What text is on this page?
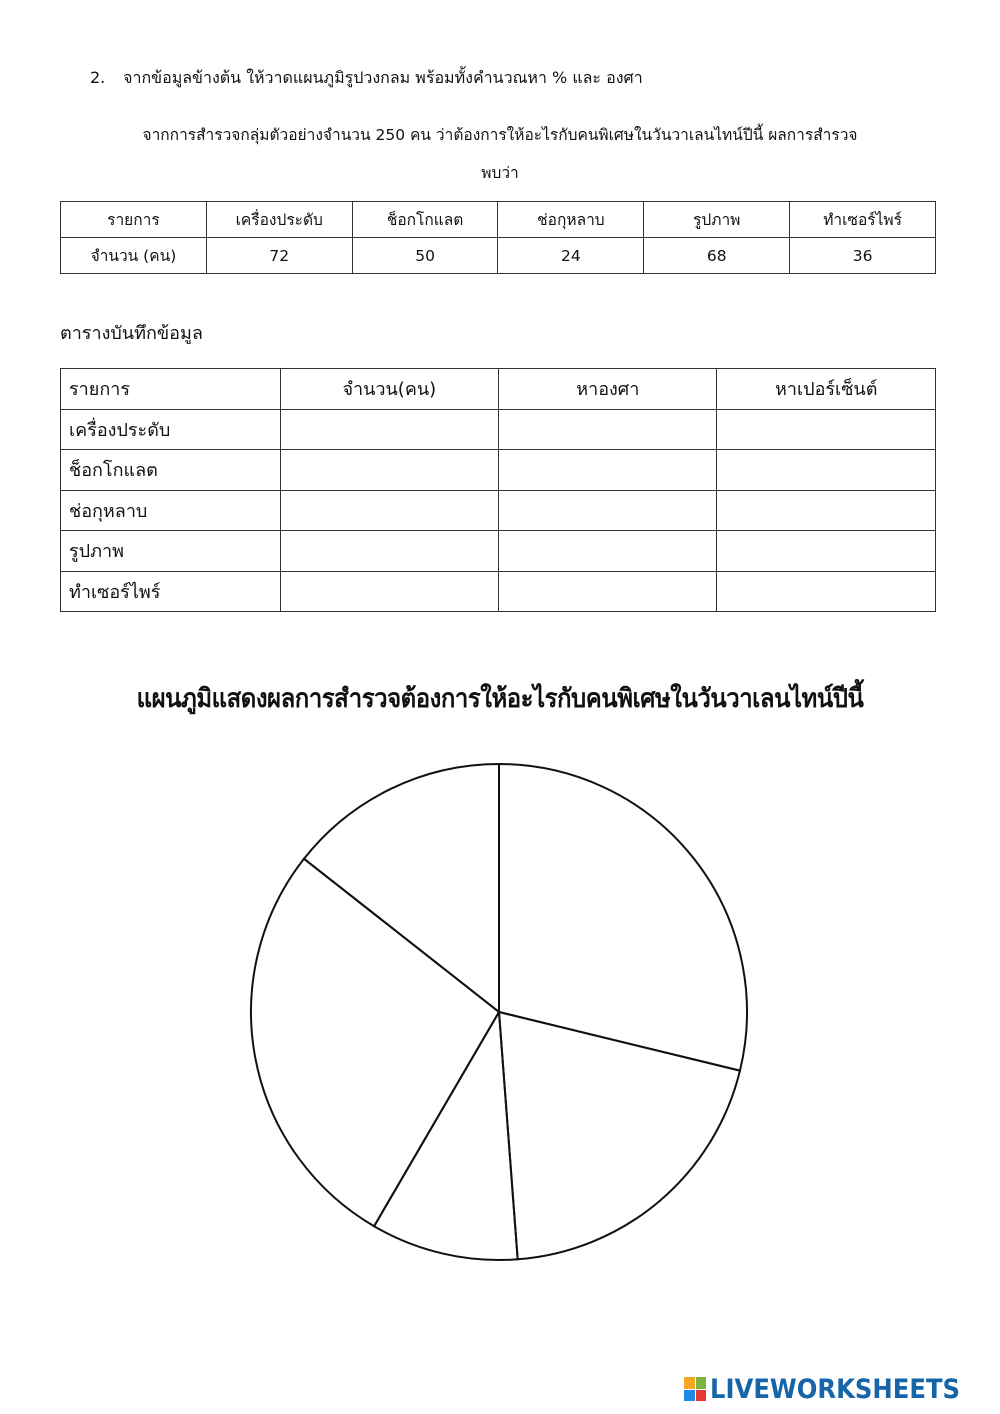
2. จากข้อมูลข้างต้น ให้วาดแผนภูมิรูปวงกลม พร้อมทั้งคำนวณหา % และ องศา
จากการสำรวจกลุ่มตัวอย่างจำนวน 250 คน ว่าต้องการให้อะไรกับคนพิเศษในวันวาเลนไทน์ปีนี้ ผลการสำรวจ
พบว่า
รายการ	เครื่องประดับ	ช็อกโกแลต	ช่อกุหลาบ	รูปภาพ	ทำเซอร์ไพร์
จำนวน (คน)	72	50	24	68	36
ตารางบันทึกข้อมูล
รายการ	จำนวน(คน)	หาองศา	หาเปอร์เซ็นต์
เครื่องประดับ			
ช็อกโกแลต			
ช่อกุหลาบ			
รูปภาพ			
ทำเซอร์ไพร์			
แผนภูมิแสดงผลการสำรวจต้องการให้อะไรกับคนพิเศษในวันวาเลนไทน์ปีนี้
LIVEWORKSHEETS
